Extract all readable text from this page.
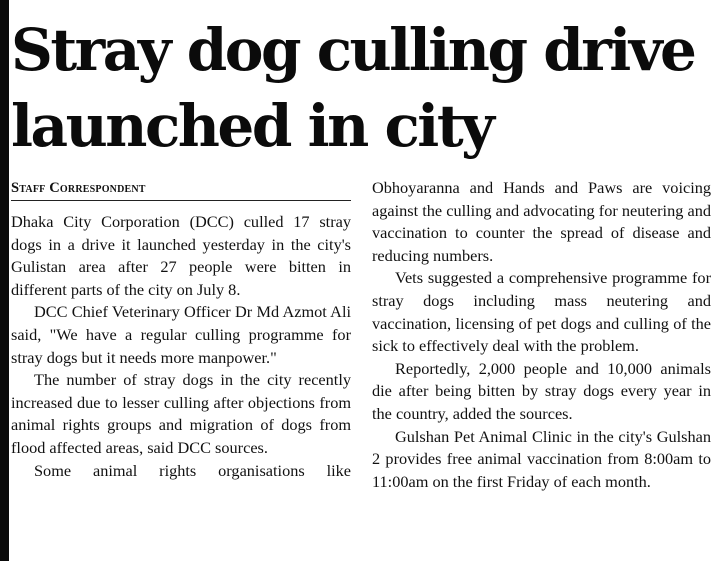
Stray dog culling drive
launched in city
Staff Correspondent

Dhaka City Corporation (DCC) culled 17 stray dogs in a drive it launched yesterday in the city's Gulistan area after 27 people were bitten in different parts of the city on July 8.

DCC Chief Veterinary Officer Dr Md Azmot Ali said, "We have a regular culling programme for stray dogs but it needs more manpower."

The number of stray dogs in the city recently increased due to lesser culling after objections from animal rights groups and migration of dogs from flood affected areas, said DCC sources.

Some animal rights organisations like

Obhoyaranna and Hands and Paws are voicing against the culling and advocating for neutering and vaccination to counter the spread of disease and reducing numbers.

Vets suggested a comprehensive programme for stray dogs including mass neutering and vaccination, licensing of pet dogs and culling of the sick to effectively deal with the problem.

Reportedly, 2,000 people and 10,000 animals die after being bitten by stray dogs every year in the country, added the sources.

Gulshan Pet Animal Clinic in the city's Gulshan 2 provides free animal vaccination from 8:00am to 11:00am on the first Friday of each month.
